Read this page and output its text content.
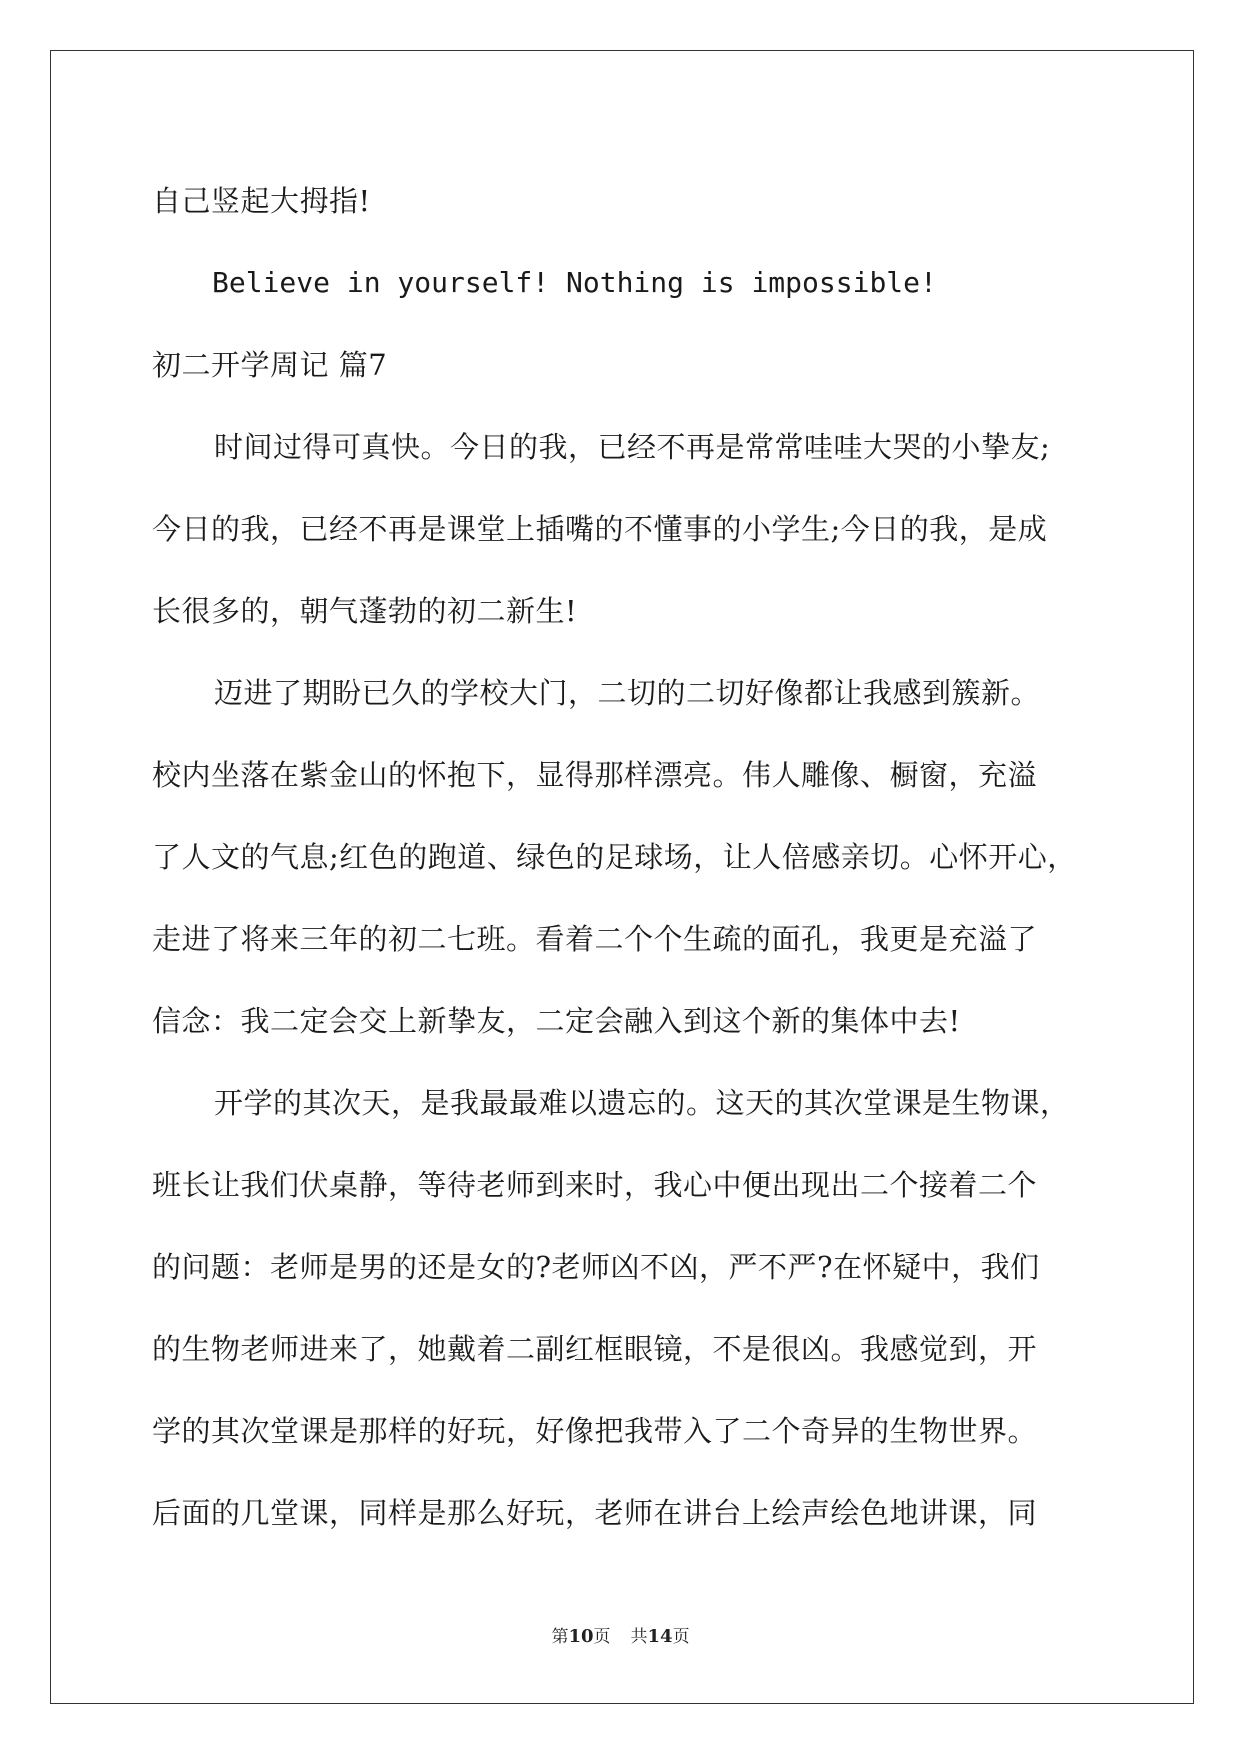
自己竖起大拇指!
Believe in yourself! Nothing is impossible!
初二开学周记 篇7
时间过得可真快。今日的我，已经不再是常常哇哇大哭的小挚友;
今日的我，已经不再是课堂上插嘴的不懂事的小学生;今日的我，是成
长很多的，朝气蓬勃的初二新生!
迈进了期盼已久的学校大门，二切的二切好像都让我感到簇新。
校内坐落在紫金山的怀抱下，显得那样漂亮。伟人雕像、橱窗，充溢
了人文的气息;红色的跑道、绿色的足球场，让人倍感亲切。心怀开心，
走进了将来三年的初二七班。看着二个个生疏的面孔，我更是充溢了
信念：我二定会交上新挚友，二定会融入到这个新的集体中去!
开学的其次天，是我最最难以遗忘的。这天的其次堂课是生物课，
班长让我们伏桌静，等待老师到来时，我心中便出现出二个接着二个
的问题：老师是男的还是女的?老师凶不凶，严不严?在怀疑中，我们
的生物老师进来了，她戴着二副红框眼镜，不是很凶。我感觉到，开
学的其次堂课是那样的好玩，好像把我带入了二个奇异的生物世界。
后面的几堂课，同样是那么好玩，老师在讲台上绘声绘色地讲课，同
第10页 共14页
